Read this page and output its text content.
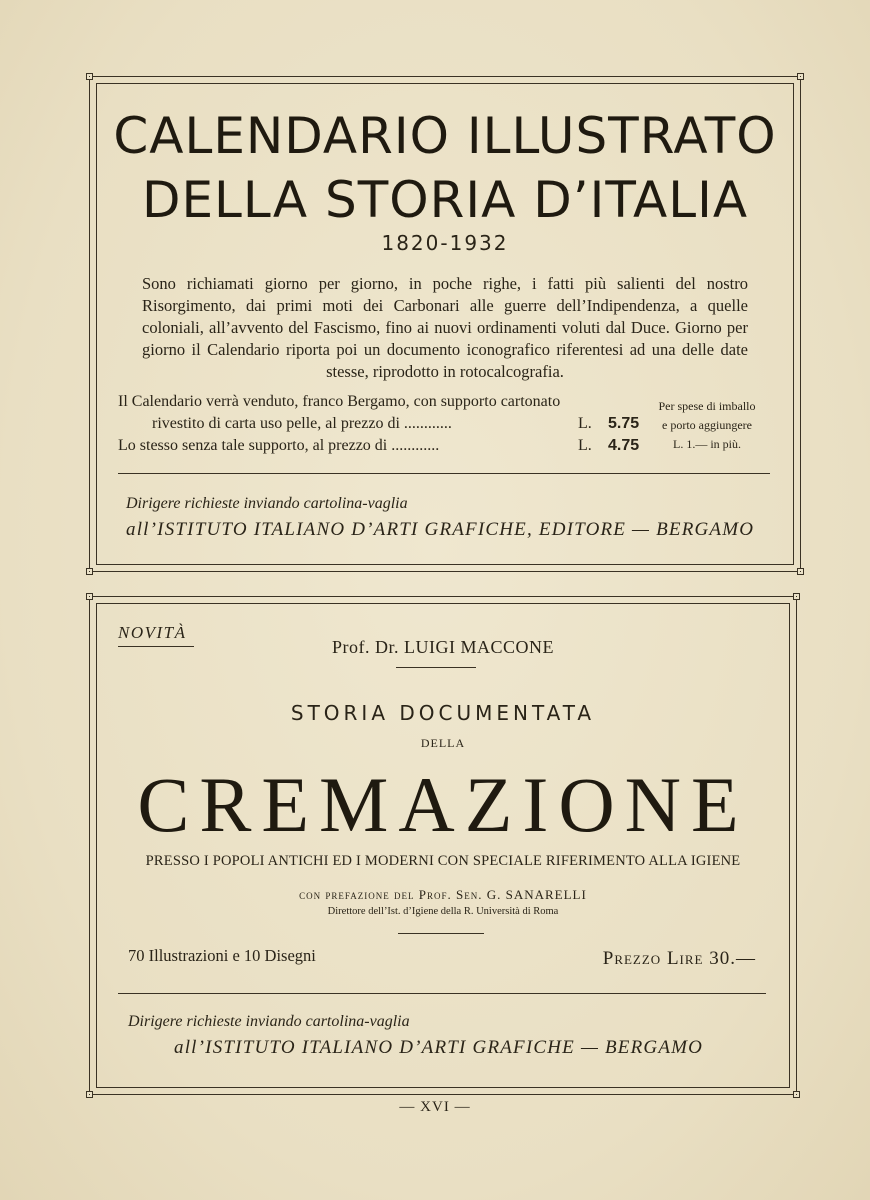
CALENDARIO ILLUSTRATO
DELLA STORIA D’ITALIA
1820-1932
Sono richiamati giorno per giorno, in poche righe, i fatti più salienti del nostro Risorgimento, dai primi moti dei Carbonari alle guerre dell’Indipendenza, a quelle coloniali, all’avvento del Fascismo, fino ai nuovi ordinamenti voluti dal Duce. Giorno per giorno il Calendario riporta poi un documento iconografico riferentesi ad una delle date stesse, riprodotto in rotocalcografia.
Il Calendario verrà venduto, franco Bergamo, con supporto cartonato
rivestito di carta uso pelle, al prezzo di ............	L. 5.75
Lo stesso senza tale supporto, al prezzo di ............	L. 4.75
Per spese di imballo
e porto aggiungere
L. 1.— in più.
Dirigere richieste inviando cartolina-vaglia
all’ISTITUTO ITALIANO D’ARTI GRAFICHE, EDITORE — BERGAMO
NOVITÀ
Prof. Dr. LUIGI MACCONE
STORIA DOCUMENTATA
DELLA
CREMAZIONE
PRESSO I POPOLI ANTICHI ED I MODERNI CON SPECIALE RIFERIMENTO ALLA IGIENE
con prefazione del Prof. Sen. G. SANARELLI
Direttore dell’Ist. d’Igiene della R. Università di Roma
70 Illustrazioni e 10 Disegni	Prezzo Lire 30.—
Dirigere richieste inviando cartolina-vaglia
all’ISTITUTO ITALIANO D’ARTI GRAFICHE — BERGAMO
— XVI —
